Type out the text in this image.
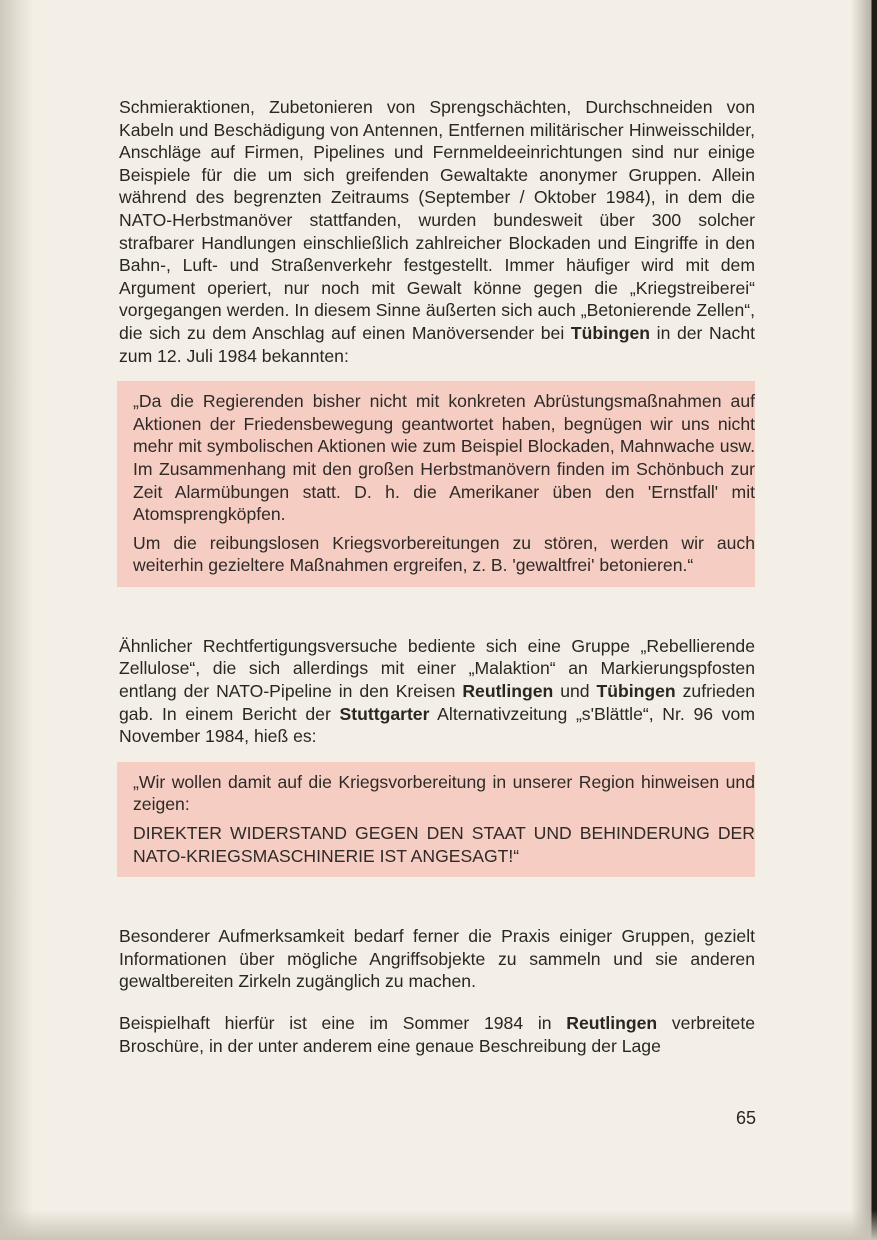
Schmieraktionen, Zubetonieren von Sprengschächten, Durchschneiden von Kabeln und Beschädigung von Antennen, Entfernen militärischer Hinweisschilder, Anschläge auf Firmen, Pipelines und Fernmeldeeinrichtungen sind nur einige Beispiele für die um sich greifenden Gewaltakte anonymer Gruppen. Allein während des begrenzten Zeitraums (September / Oktober 1984), in dem die NATO-Herbstmanöver stattfanden, wurden bundesweit über 300 solcher strafbarer Handlungen einschließlich zahlreicher Blockaden und Eingriffe in den Bahn-, Luft- und Straßenverkehr festgestellt. Immer häufiger wird mit dem Argument operiert, nur noch mit Gewalt könne gegen die „Kriegstreiberei“ vorgegangen werden. In diesem Sinne äußerten sich auch „Betonierende Zellen“, die sich zu dem Anschlag auf einen Manöversender bei Tübingen in der Nacht zum 12. Juli 1984 bekannten:

„Da die Regierenden bisher nicht mit konkreten Abrüstungsmaßnahmen auf Aktionen der Friedensbewegung geantwortet haben, begnügen wir uns nicht mehr mit symbolischen Aktionen wie zum Beispiel Blockaden, Mahnwache usw. Im Zusammenhang mit den großen Herbstmanövern finden im Schönbuch zur Zeit Alarmübungen statt. D. h. die Amerikaner üben den 'Ernstfall' mit Atomsprengköpfen.

Um die reibungslosen Kriegsvorbereitungen zu stören, werden wir auch weiterhin gezieltere Maßnahmen ergreifen, z. B. 'gewaltfrei' betonieren.“

Ähnlicher Rechtfertigungsversuche bediente sich eine Gruppe „Rebellierende Zellulose“, die sich allerdings mit einer „Malaktion“ an Markierungspfosten entlang der NATO-Pipeline in den Kreisen Reutlingen und Tübingen zufrieden gab. In einem Bericht der Stuttgarter Alternativzeitung „s'Blättle“, Nr. 96 vom November 1984, hieß es:

„Wir wollen damit auf die Kriegsvorbereitung in unserer Region hinweisen und zeigen:

DIREKTER WIDERSTAND GEGEN DEN STAAT UND BEHINDERUNG DER NATO-KRIEGSMASCHINERIE IST ANGESAGT!“

Besonderer Aufmerksamkeit bedarf ferner die Praxis einiger Gruppen, gezielt Informationen über mögliche Angriffsobjekte zu sammeln und sie anderen gewaltbereiten Zirkeln zugänglich zu machen.

Beispielhaft hierfür ist eine im Sommer 1984 in Reutlingen verbreitete Broschüre, in der unter anderem eine genaue Beschreibung der Lage

65
